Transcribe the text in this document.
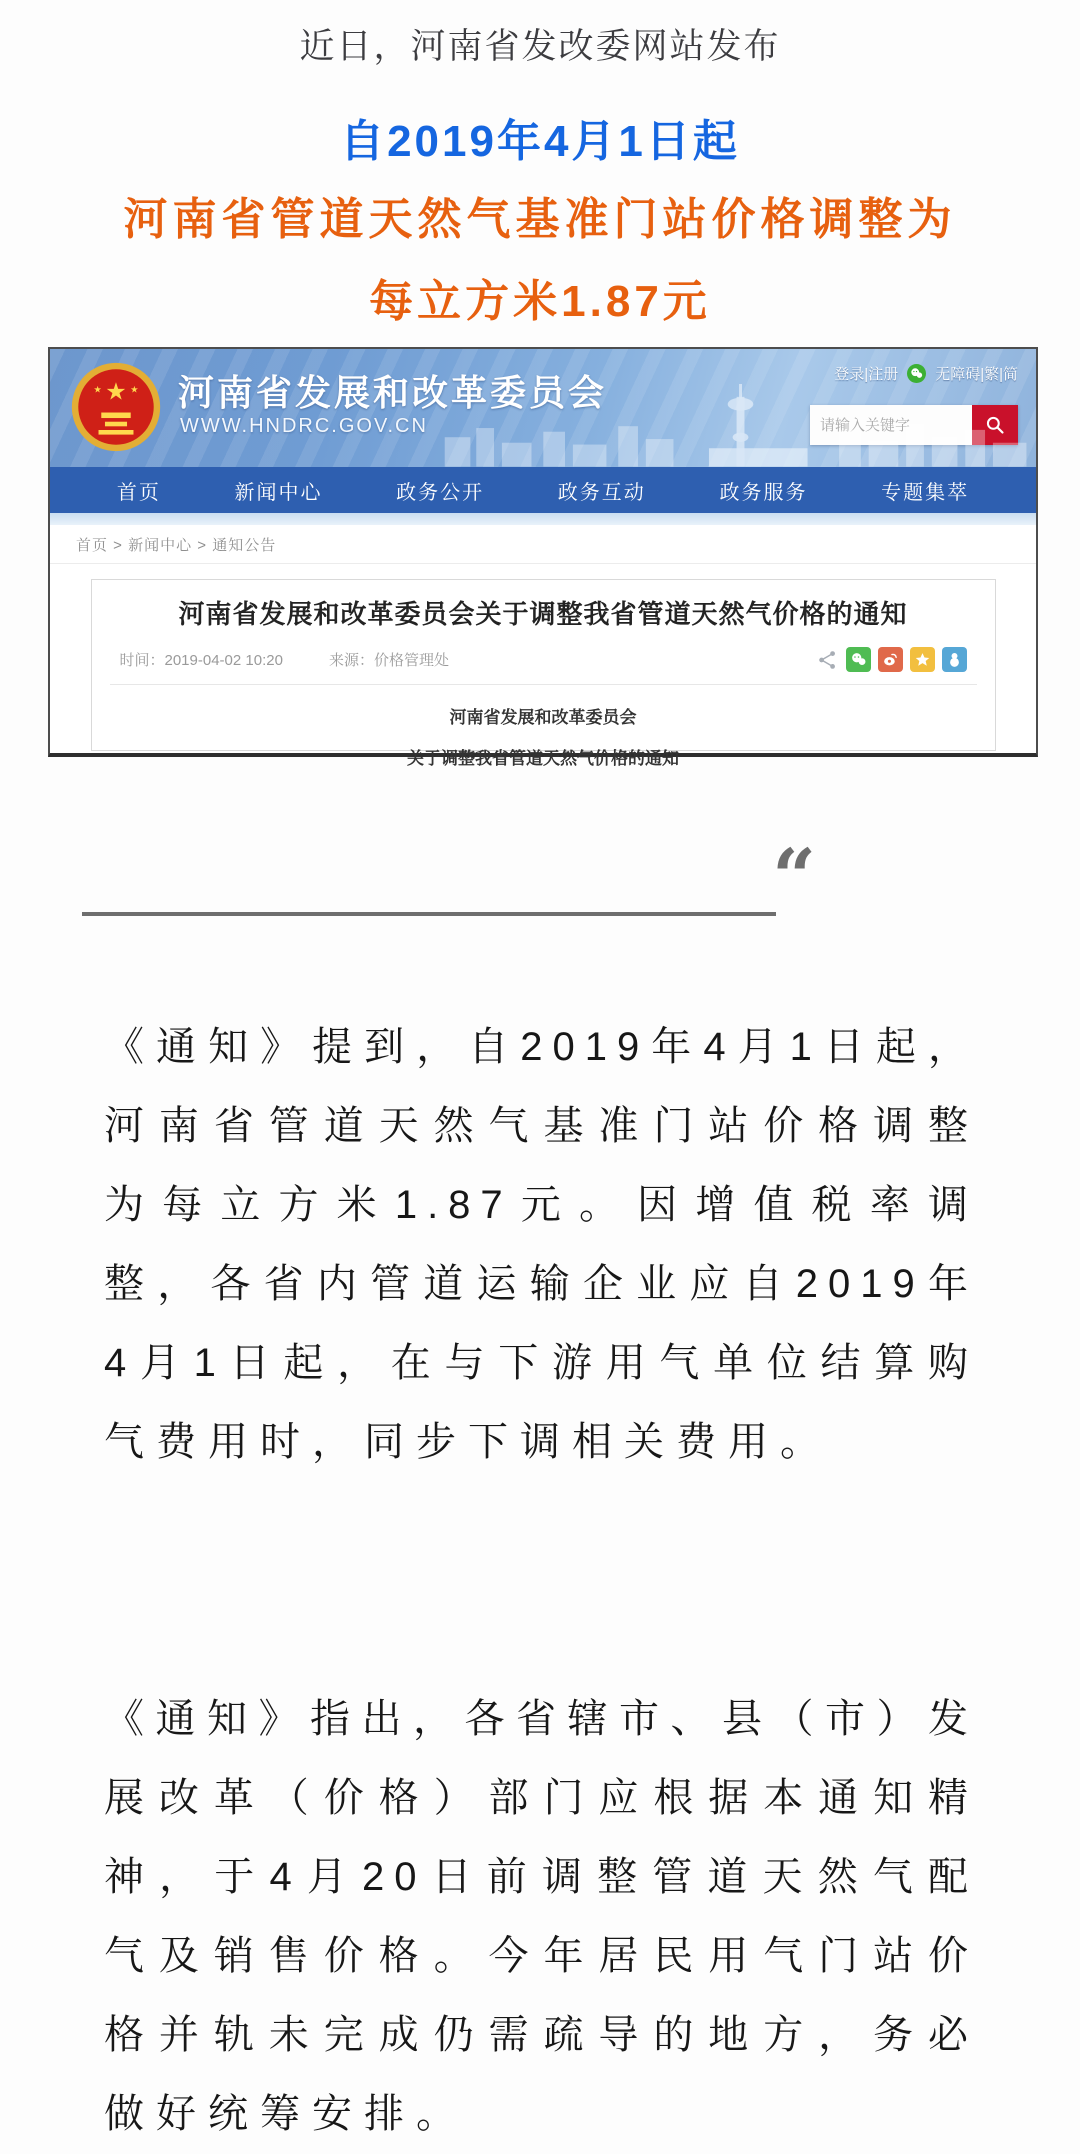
近日，河南省发改委网站发布
自2019年4月1日起
河南省管道天然气基准门站价格调整为
每立方米1.87元
★
★	★ 河南省发展和改革委员会
WWW.HNDRC.GOV.CN
登录|注册 无障碍|繁|简
请输入关键字
首页	新闻中心	政务公开	政务互动	政务服务	专题集萃
首页 > 新闻中心 > 通知公告
河南省发展和改革委员会关于调整我省管道天然气价格的通知
时间：2019-04-02 10:20	来源：价格管理处
河南省发展和改革委员会
关于调整我省管道天然气价格的通知
“
《通知》提到，自2019年4月1日起，
河南省管道天然气基准门站价格调整
为每立方米1.87元。因增值税率调
整，各省内管道运输企业应自2019年
4月1日起，在与下游用气单位结算购
气费用时，同步下调相关费用。
《通知》指出，各省辖市、县（市）发
展改革（价格）部门应根据本通知精
神，于4月20日前调整管道天然气配
气及销售价格。今年居民用气门站价
格并轨未完成仍需疏导的地方，务必
做好统筹安排。
